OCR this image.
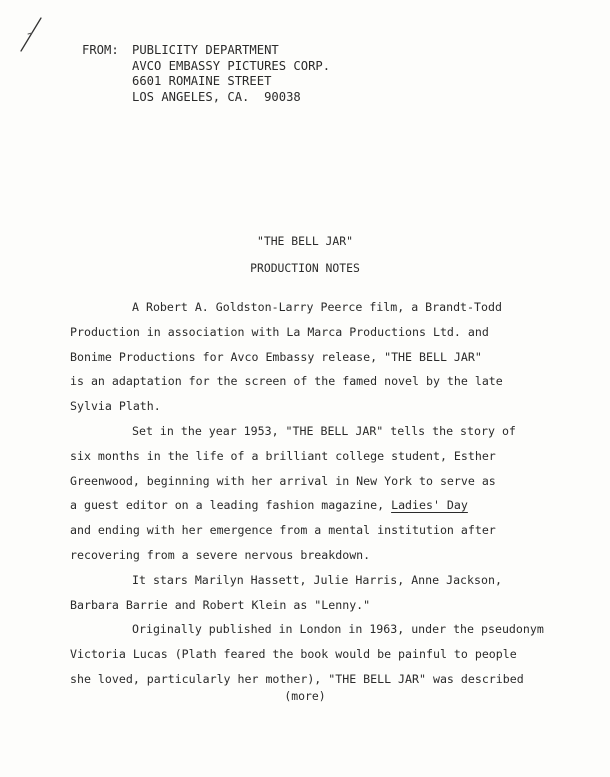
FROM:	PUBLICITY DEPARTMENT
AVCO EMBASSY PICTURES CORP.
6601 ROMAINE STREET
LOS ANGELES, CA.  90038
"THE BELL JAR"
PRODUCTION NOTES
A Robert A. Goldston-Larry Peerce film, a Brandt-Todd
Production in association with La Marca Productions Ltd. and
Bonime Productions for Avco Embassy release, "THE BELL JAR"
is an adaptation for the screen of the famed novel by the late
Sylvia Plath.
Set in the year 1953, "THE BELL JAR" tells the story of
six months in the life of a brilliant college student, Esther
Greenwood, beginning with her arrival in New York to serve as
a guest editor on a leading fashion magazine, Ladies' Day
and ending with her emergence from a mental institution after
recovering from a severe nervous breakdown.
It stars Marilyn Hassett, Julie Harris, Anne Jackson,
Barbara Barrie and Robert Klein as "Lenny."
Originally published in London in 1963, under the pseudonym
Victoria Lucas (Plath feared the book would be painful to people
she loved, particularly her mother), "THE BELL JAR" was described
(more)
